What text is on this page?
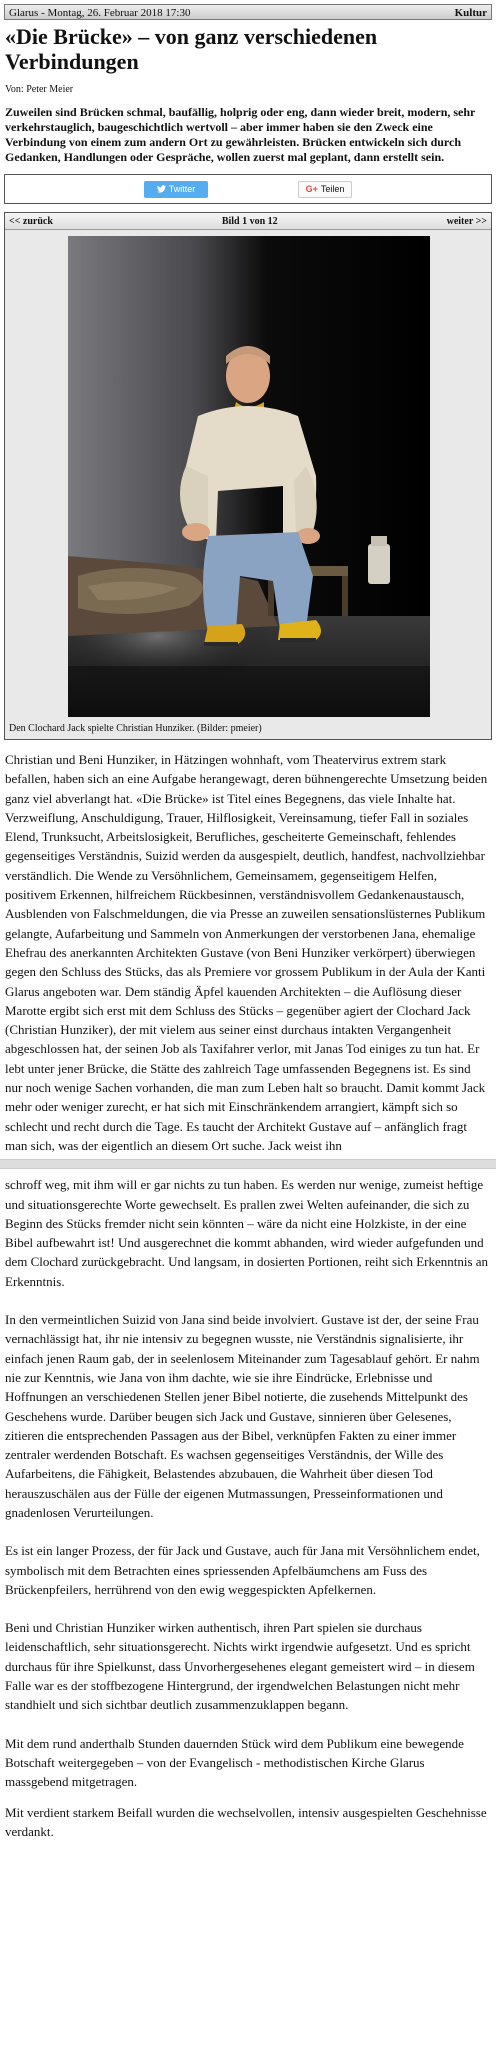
Glarus - Montag, 26. Februar 2018 17:30	Kultur
«Die Brücke» – von ganz verschiedenen Verbindungen
Von: Peter Meier
Zuweilen sind Brücken schmal, baufällig, holprig oder eng, dann wieder breit, modern, sehr verkehrstauglich, baugeschichtlich wertvoll – aber immer haben sie den Zweck eine Verbindung von einem zum andern Ort zu gewährleisten. Brücken entwickeln sich durch Gedanken, Handlungen oder Gespräche, wollen zuerst mal geplant, dann erstellt sein.
Twitter	G+ Teilen
<< zurück	Bild 1 von 12	weiter >>
Den Clochard Jack spielte Christian Hunziker. (Bilder: pmeier)

Christian und Beni Hunziker, in Hätzingen wohnhaft, vom Theatervirus extrem stark befallen, haben sich an eine Aufgabe herangewagt, deren bühnengerechte Umsetzung beiden ganz viel abverlangt hat. «Die Brücke» ist Titel eines Begegnens, das viele Inhalte hat. Verzweiflung, Anschuldigung, Trauer, Hilflosigkeit, Vereinsamung, tiefer Fall in soziales Elend, Trunksucht, Arbeitslosigkeit, Berufliches, gescheiterte Gemeinschaft, fehlendes gegenseitiges Verständnis, Suizid werden da ausgespielt, deutlich, handfest, nachvollziehbar verständlich. Die Wende zu Versöhnlichem, Gemeinsamem, gegenseitigem Helfen, positivem Erkennen, hilfreichem Rückbesinnen, verständnisvollem Gedankenaustausch, Ausblenden von Falschmeldungen, die via Presse an zuweilen sensationslüsternes Publikum gelangte, Aufarbeitung und Sammeln von Anmerkungen der verstorbenen Jana, ehemalige Ehefrau des anerkannten Architekten Gustave (von Beni Hunziker verkörpert) überwiegen gegen den Schluss des Stücks, das als Premiere vor grossem Publikum in der Aula der Kanti Glarus angeboten war. Dem ständig Äpfel kauenden Architekten – die Auflösung dieser Marotte ergibt sich erst mit dem Schluss des Stücks – gegenüber agiert der Clochard Jack (Christian Hunziker), der mit vielem aus seiner einst durchaus intakten Vergangenheit abgeschlossen hat, der seinen Job als Taxifahrer verlor, mit Janas Tod einiges zu tun hat. Er lebt unter jener Brücke, die Stätte des zahlreich Tage umfassenden Begegnens ist. Es sind nur noch wenige Sachen vorhanden, die man zum Leben halt so braucht. Damit kommt Jack mehr oder weniger zurecht, er hat sich mit Einschränkendem arrangiert, kämpft sich so schlecht und recht durch die Tage. Es taucht der Architekt Gustave auf – anfänglich fragt man sich, was der eigentlich an diesem Ort suche. Jack weist ihn

schroff weg, mit ihm will er gar nichts zu tun haben. Es werden nur wenige, zumeist heftige und situationsgerechte Worte gewechselt. Es prallen zwei Welten aufeinander, die sich zu Beginn des Stücks fremder nicht sein könnten – wäre da nicht eine Holzkiste, in der eine Bibel aufbewahrt ist! Und ausgerechnet die kommt abhanden, wird wieder aufgefunden und dem Clochard zurückgebracht. Und langsam, in dosierten Portionen, reiht sich Erkenntnis an Erkenntnis.

In den vermeintlichen Suizid von Jana sind beide involviert. Gustave ist der, der seine Frau vernachlässigt hat, ihr nie intensiv zu begegnen wusste, nie Verständnis signalisierte, ihr einfach jenen Raum gab, der in seelenlosem Miteinander zum Tagesablauf gehört. Er nahm nie zur Kenntnis, wie Jana von ihm dachte, wie sie ihre Eindrücke, Erlebnisse und Hoffnungen an verschiedenen Stellen jener Bibel notierte, die zusehends Mittelpunkt des Geschehens wurde. Darüber beugen sich Jack und Gustave, sinnieren über Gelesenes, zitieren die entsprechenden Passagen aus der Bibel, verknüpfen Fakten zu einer immer zentraler werdenden Botschaft. Es wachsen gegenseitiges Verständnis, der Wille des Aufarbeitens, die Fähigkeit, Belastendes abzubauen, die Wahrheit über diesen Tod herauszuschälen aus der Fülle der eigenen Mutmassungen, Presseinformationen und gnadenlosen Verurteilungen.

Es ist ein langer Prozess, der für Jack und Gustave, auch für Jana mit Versöhnlichem endet, symbolisch mit dem Betrachten eines spriessenden Apfelbäumchens am Fuss des Brückenpfeilers, herrührend von den ewig weggespickten Apfelkernen.

Beni und Christian Hunziker wirken authentisch, ihren Part spielen sie durchaus leidenschaftlich, sehr situationsgerecht. Nichts wirkt irgendwie aufgesetzt. Und es spricht durchaus für ihre Spielkunst, dass Unvorhergesehenes elegant gemeistert wird – in diesem Falle war es der stoffbezogene Hintergrund, der irgendwelchen Belastungen nicht mehr standhielt und sich sichtbar deutlich zusammenzuklappen begann.

Mit dem rund anderthalb Stunden dauernden Stück wird dem Publikum eine bewegende Botschaft weitergegeben – von der Evangelisch - methodistischen Kirche Glarus massgebend mitgetragen.

Mit verdient starkem Beifall wurden die wechselvollen, intensiv ausgespielten Geschehnisse verdankt.
